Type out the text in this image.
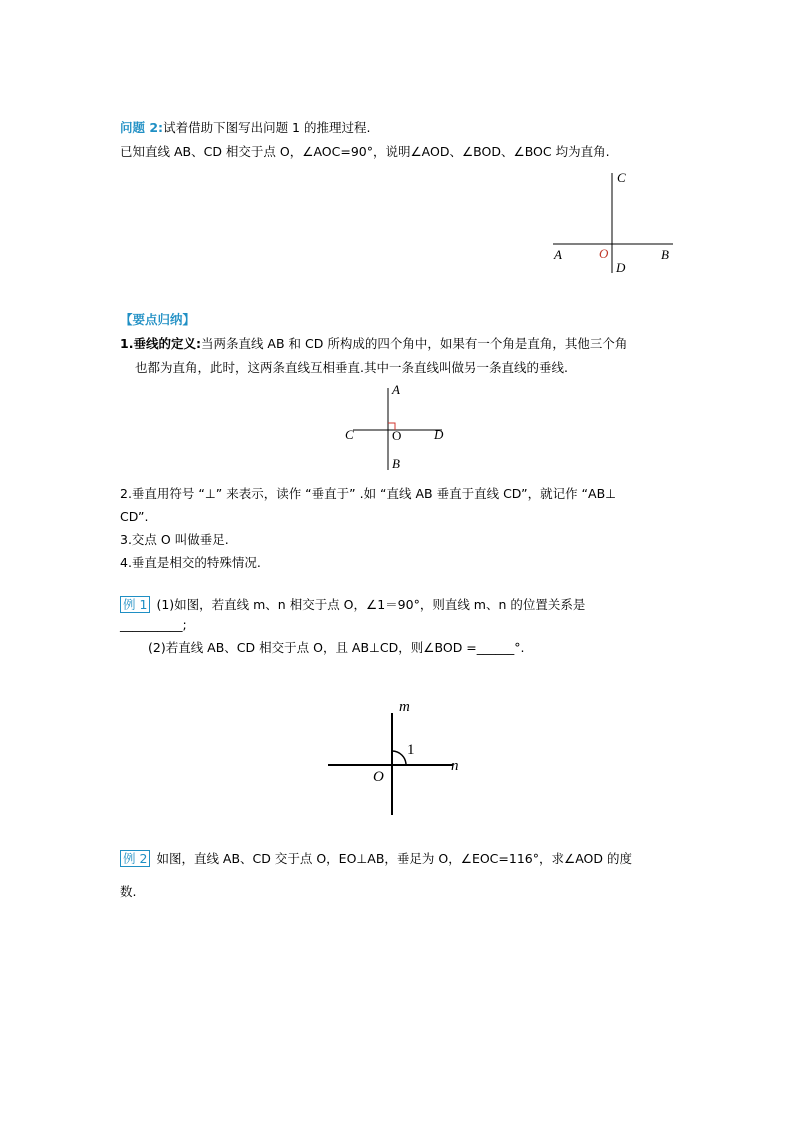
问题 2:试着借助下图写出问题 1 的推理过程.
已知直线 AB、CD 相交于点 O，∠AOC=90°，说明∠AOD、∠BOD、∠BOC 均为直角.
C
A	O
D
B
【要点归纳】
1.垂线的定义:当两条直线 AB 和 CD 所构成的四个角中，如果有一个角是直角，其他三个角
也都为直角，此时，这两条直线互相垂直.其中一条直线叫做另一条直线的垂线.
A
C	O	D
B
2.垂直用符号 “⊥” 来表示，读作 “垂直于” .如 “直线 AB 垂直于直线 CD”，就记作 “AB⊥
CD”.
3.交点 O 叫做垂足.
4.垂直是相交的特殊情况.
例 1 (1)如图，若直线 m、n 相交于点 O，∠1＝90°，则直线 m、n 的位置关系是
__________;
(2)若直线 AB、CD 相交于点 O，且 AB⊥CD，则∠BOD =______°.
m
1
n
O
例 2 如图，直线 AB、CD 交于点 O，EO⊥AB，垂足为 O，∠EOC=116°，求∠AOD 的度
数.
